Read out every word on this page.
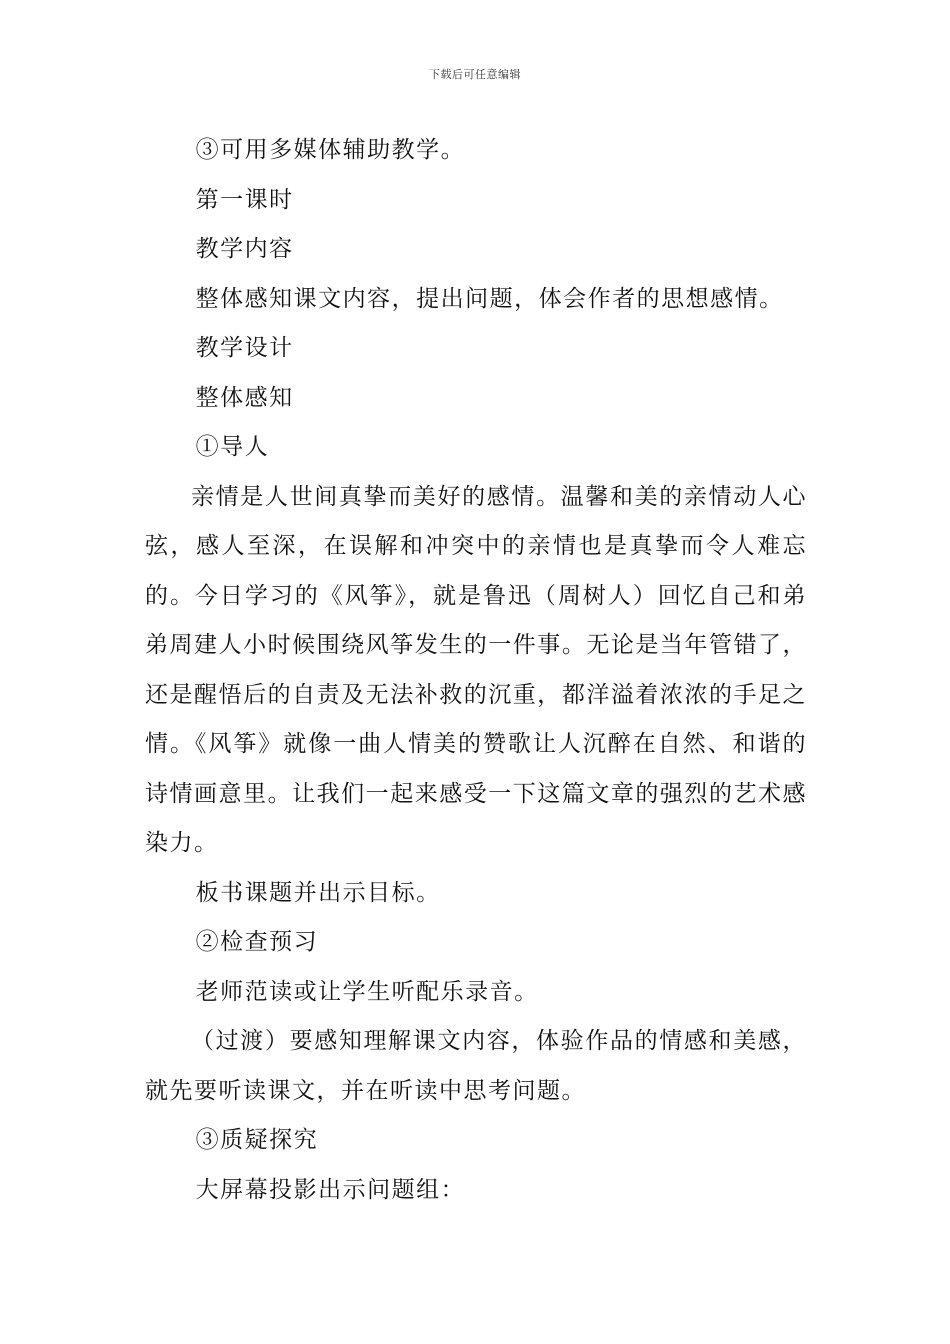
下载后可任意编辑

③可用多媒体辅助教学。

第一课时

教学内容

整体感知课文内容，提出问题，体会作者的思想感情。

教学设计

整体感知

①导人

亲情是人世间真挚而美好的感情。温馨和美的亲情动人心弦，感人至深，在误解和冲突中的亲情也是真挚而令人难忘的。今日学习的《风筝》，就是鲁迅（周树人）回忆自己和弟弟周建人小时候围绕风筝发生的一件事。无论是当年管错了，还是醒悟后的自责及无法补救的沉重，都洋溢着浓浓的手足之情。《风筝》就像一曲人情美的赞歌让人沉醉在自然、和谐的诗情画意里。让我们一起来感受一下这篇文章的强烈的艺术感染力。

板书课题并出示目标。

②检查预习

老师范读或让学生听配乐录音。

（过渡）要感知理解课文内容，体验作品的情感和美感，就先要听读课文，并在听读中思考问题。

③质疑探究

大屏幕投影出示问题组：
